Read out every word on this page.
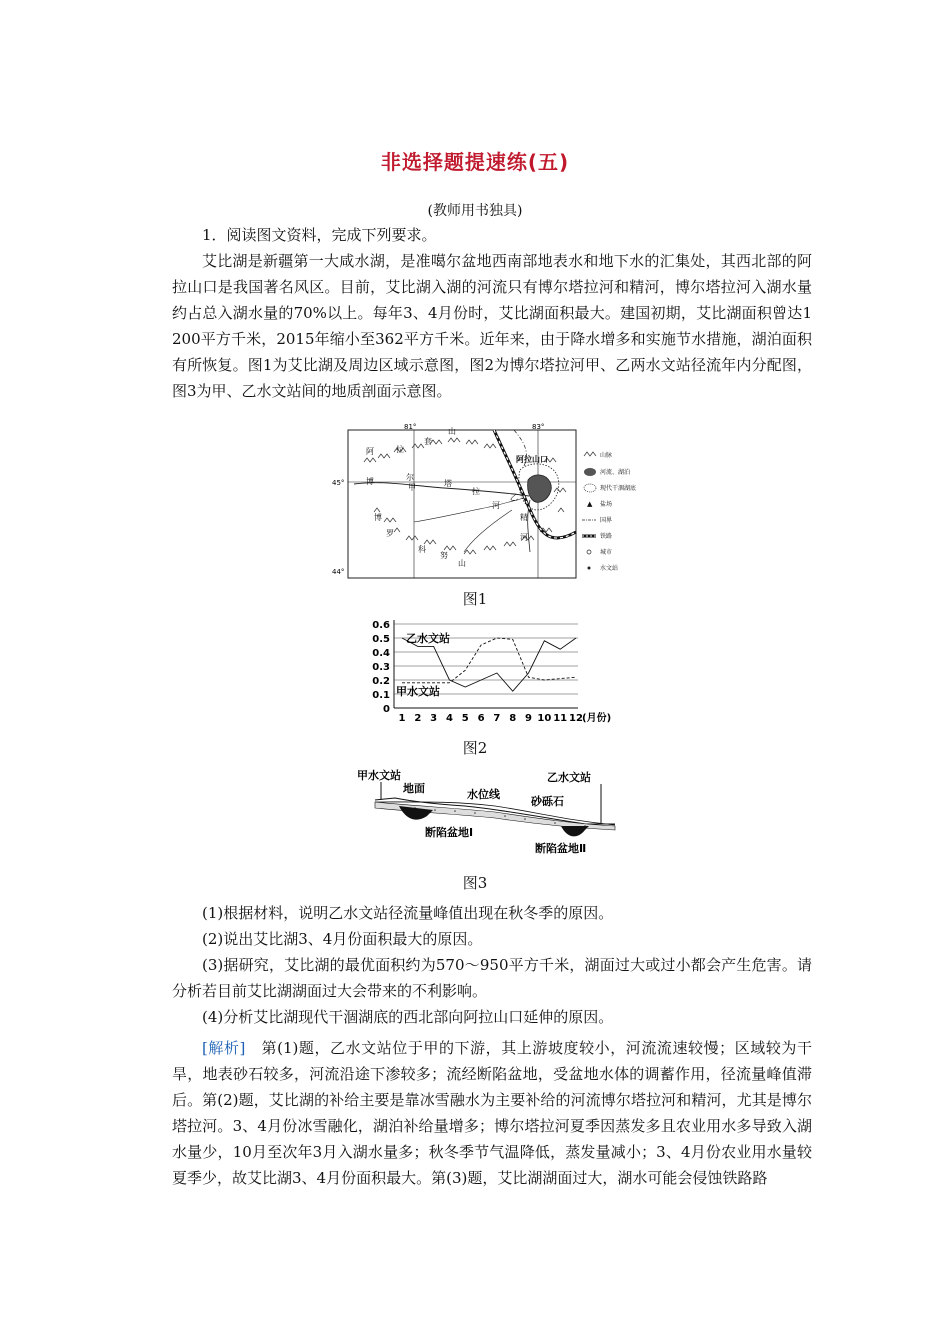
非选择题提速练(五)
(教师用书独具)
1．阅读图文资料，完成下列要求。
艾比湖是新疆第一大咸水湖，是准噶尔盆地西南部地表水和地下水的汇集处，其西北部的阿拉山口是我国著名风区。目前，艾比湖入湖的河流只有博尔塔拉河和精河，博尔塔拉河入湖水量约占总入湖水量的70%以上。每年3、4月份时，艾比湖面积最大。建国初期，艾比湖面积曾达1 200平方千米，2015年缩小至362平方千米。近年来，由于降水增多和实施节水措施，湖泊面积有所恢复。图1为艾比湖及周边区域示意图，图2为博尔塔拉河甲、乙两水文站径流年内分配图，图3为甲、乙水文站间的地质剖面示意图。
81°	83°
45°
44°
阿	拉
套
山
博	尔
塔
拉
河
甲
乙
阿拉山口
精
河
博
罗
科
努
山
山脉
河流、湖泊
现代干涸湖底
▲ 盐场
国界
铁路
城市
水文站
图1
0
0.1
0.2
0.3
0.4
0.5
0.6
1 2 3 4 5 6 7 8 9 10 11 12 (月份)
乙水文站
甲水文站
图2
甲水文站	乙水文站
地面	水位线
砂砾石
断陷盆地Ⅰ
断陷盆地Ⅱ
图3

(1)根据材料，说明乙水文站径流量峰值出现在秋冬季的原因。

(2)说出艾比湖3、4月份面积最大的原因。

(3)据研究，艾比湖的最优面积约为570～950平方千米，湖面过大或过小都会产生危害。请分析若目前艾比湖湖面过大会带来的不利影响。

(4)分析艾比湖现代干涸湖底的西北部向阿拉山口延伸的原因。

[解析]　第(1)题，乙水文站位于甲的下游，其上游坡度较小，河流流速较慢；区域较为干旱，地表砂石较多，河流沿途下渗较多；流经断陷盆地，受盆地水体的调蓄作用，径流量峰值滞后。第(2)题，艾比湖的补给主要是靠冰雪融水为主要补给的河流博尔塔拉河和精河，尤其是博尔塔拉河。3、4月份冰雪融化，湖泊补给量增多；博尔塔拉河夏季因蒸发多且农业用水多导致入湖水量少，10月至次年3月入湖水量多；秋冬季节气温降低，蒸发量减小；3、4月份农业用水量较夏季少，故艾比湖3、4月份面积最大。第(3)题，艾比湖湖面过大，湖水可能会侵蚀铁路路
